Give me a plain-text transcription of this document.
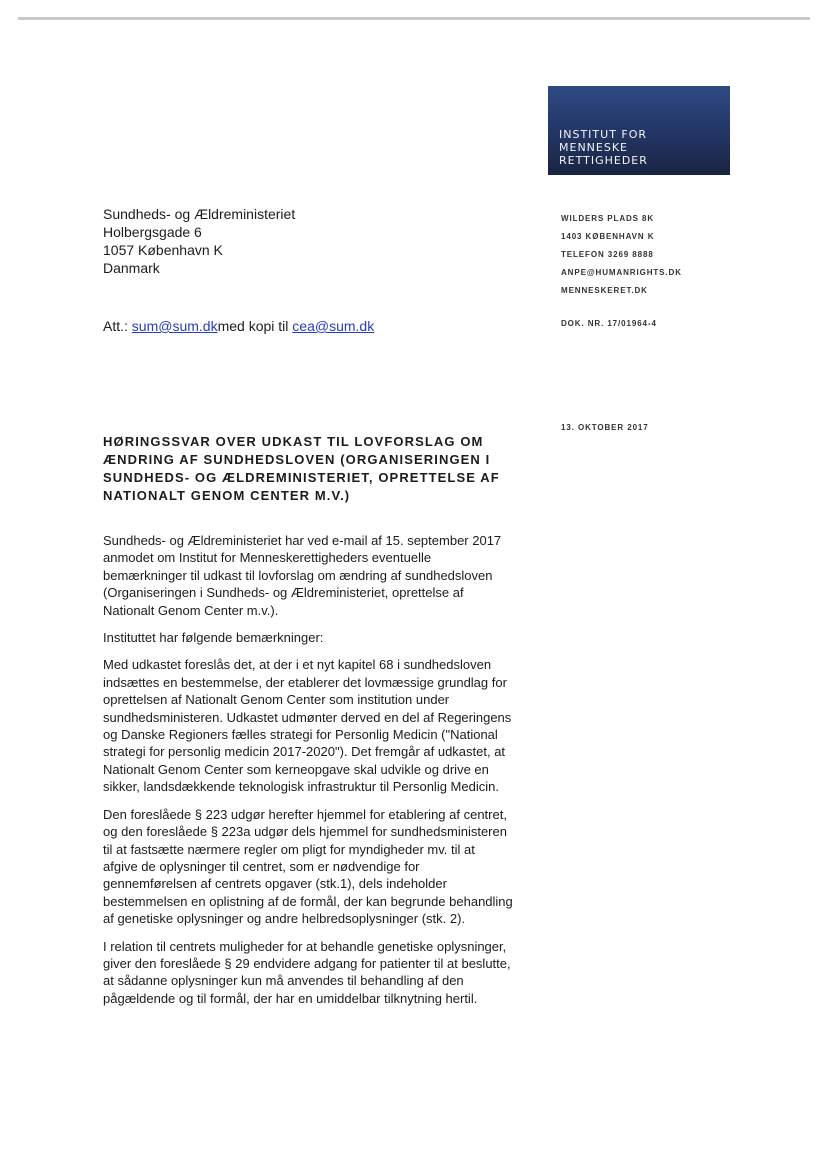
INSTITUT FOR
MENNESKE
RETTIGHEDER
Sundheds- og Ældreministeriet
Holbergsgade 6
1057 København K
Danmark
WILDERS PLADS 8K
1403 KØBENHAVN K
TELEFON 3269 8888
ANPE@HUMANRIGHTS.DK
MENNESKERET.DK
Att.: sum@sum.dkmed kopi til cea@sum.dk	DOK. NR. 17/01964-4
13. OKTOBER 2017
HØRINGSSVAR OVER UDKAST TIL LOVFORSLAG OM
ÆNDRING AF SUNDHEDSLOVEN (ORGANISERINGEN I
SUNDHEDS- OG ÆLDREMINISTERIET, OPRETTELSE AF
NATIONALT GENOM CENTER M.V.)
Sundheds- og Ældreministeriet har ved e-mail af 15. september 2017
anmodet om Institut for Menneskerettigheders eventuelle
bemærkninger til udkast til lovforslag om ændring af sundhedsloven
(Organiseringen i Sundheds- og Ældreministeriet, oprettelse af
Nationalt Genom Center m.v.).
Instituttet har følgende bemærkninger:
Med udkastet foreslås det, at der i et nyt kapitel 68 i sundhedsloven
indsættes en bestemmelse, der etablerer det lovmæssige grundlag for
oprettelsen af Nationalt Genom Center som institution under
sundhedsministeren. Udkastet udmønter derved en del af Regeringens
og Danske Regioners fælles strategi for Personlig Medicin ("National
strategi for personlig medicin 2017-2020"). Det fremgår af udkastet, at
Nationalt Genom Center som kerneopgave skal udvikle og drive en
sikker, landsdækkende teknologisk infrastruktur til Personlig Medicin.
Den foreslåede § 223 udgør herefter hjemmel for etablering af centret,
og den foreslåede § 223a udgør dels hjemmel for sundhedsministeren
til at fastsætte nærmere regler om pligt for myndigheder mv. til at
afgive de oplysninger til centret, som er nødvendige for
gennemførelsen af centrets opgaver (stk.1), dels indeholder
bestemmelsen en oplistning af de formål, der kan begrunde behandling
af genetiske oplysninger og andre helbredsoplysninger (stk. 2).
I relation til centrets muligheder for at behandle genetiske oplysninger,
giver den foreslåede § 29 endvidere adgang for patienter til at beslutte,
at sådanne oplysninger kun må anvendes til behandling af den
pågældende og til formål, der har en umiddelbar tilknytning hertil.
